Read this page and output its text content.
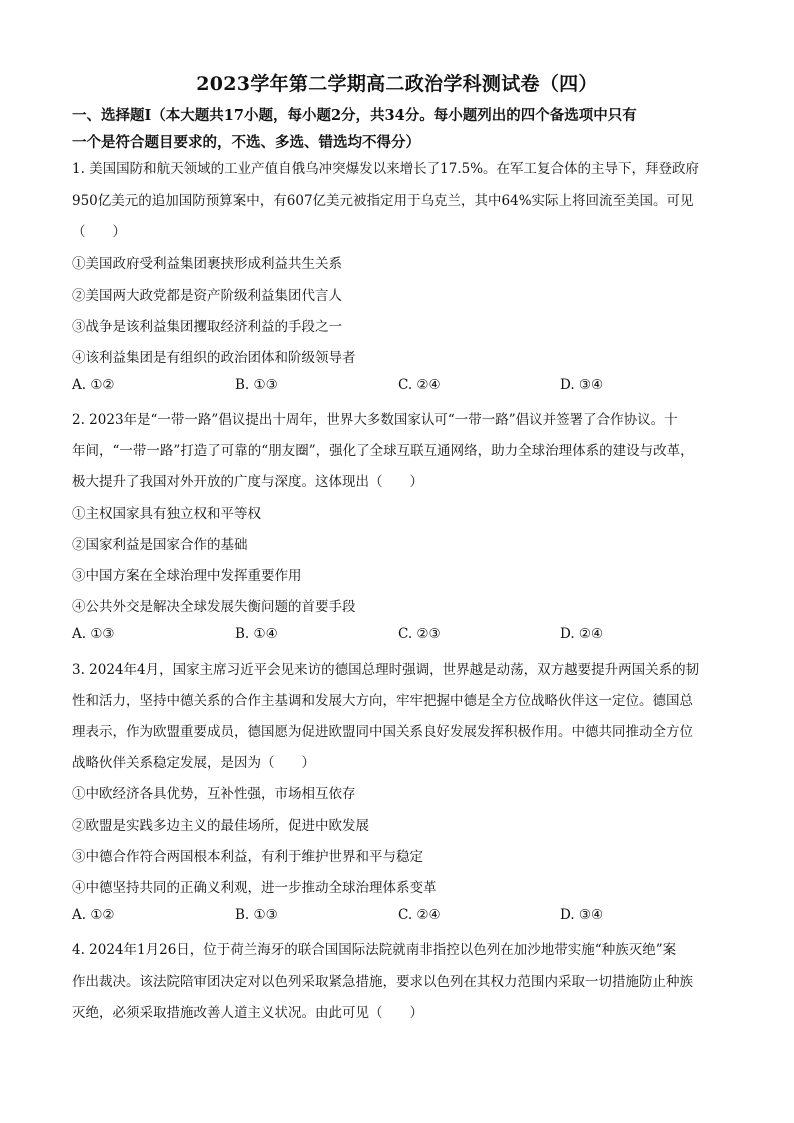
2023学年第二学期高二政治学科测试卷（四）
一、选择题Ⅰ（本大题共17小题，每小题2分，共34分。每小题列出的四个备选项中只有
一个是符合题目要求的，不选、多选、错选均不得分）
1. 美国国防和航天领域的工业产值自俄乌冲突爆发以来增长了17.5%。在军工复合体的主导下，拜登政府
950亿美元的追加国防预算案中，有607亿美元被指定用于乌克兰，其中64%实际上将回流至美国。可见
（　　）
①美国政府受利益集团裹挟形成利益共生关系
②美国两大政党都是资产阶级利益集团代言人
③战争是该利益集团攫取经济利益的手段之一
④该利益集团是有组织的政治团体和阶级领导者
A. ①②	B. ①③	C. ②④	D. ③④
2. 2023年是“一带一路”倡议提出十周年，世界大多数国家认可“一带一路”倡议并签署了合作协议。十
年间，“一带一路”打造了可靠的“朋友圈”，强化了全球互联互通网络，助力全球治理体系的建设与改革，
极大提升了我国对外开放的广度与深度。这体现出（　　）
①主权国家具有独立权和平等权
②国家利益是国家合作的基础
③中国方案在全球治理中发挥重要作用
④公共外交是解决全球发展失衡问题的首要手段
A. ①③	B. ①④	C. ②③	D. ②④
3. 2024年4月，国家主席习近平会见来访的德国总理时强调，世界越是动荡，双方越要提升两国关系的韧
性和活力，坚持中德关系的合作主基调和发展大方向，牢牢把握中德是全方位战略伙伴这一定位。德国总
理表示，作为欧盟重要成员，德国愿为促进欧盟同中国关系良好发展发挥积极作用。中德共同推动全方位
战略伙伴关系稳定发展，是因为（　　）
①中欧经济各具优势，互补性强，市场相互依存
②欧盟是实践多边主义的最佳场所，促进中欧发展
③中德合作符合两国根本利益，有利于维护世界和平与稳定
④中德坚持共同的正确义利观，进一步推动全球治理体系变革
A. ①②	B. ①③	C. ②④	D. ③④
4. 2024年1月26日，位于荷兰海牙的联合国国际法院就南非指控以色列在加沙地带实施“种族灭绝”案
作出裁决。该法院陪审团决定对以色列采取紧急措施，要求以色列在其权力范围内采取一切措施防止种族
灭绝，必须采取措施改善人道主义状况。由此可见（　　）
